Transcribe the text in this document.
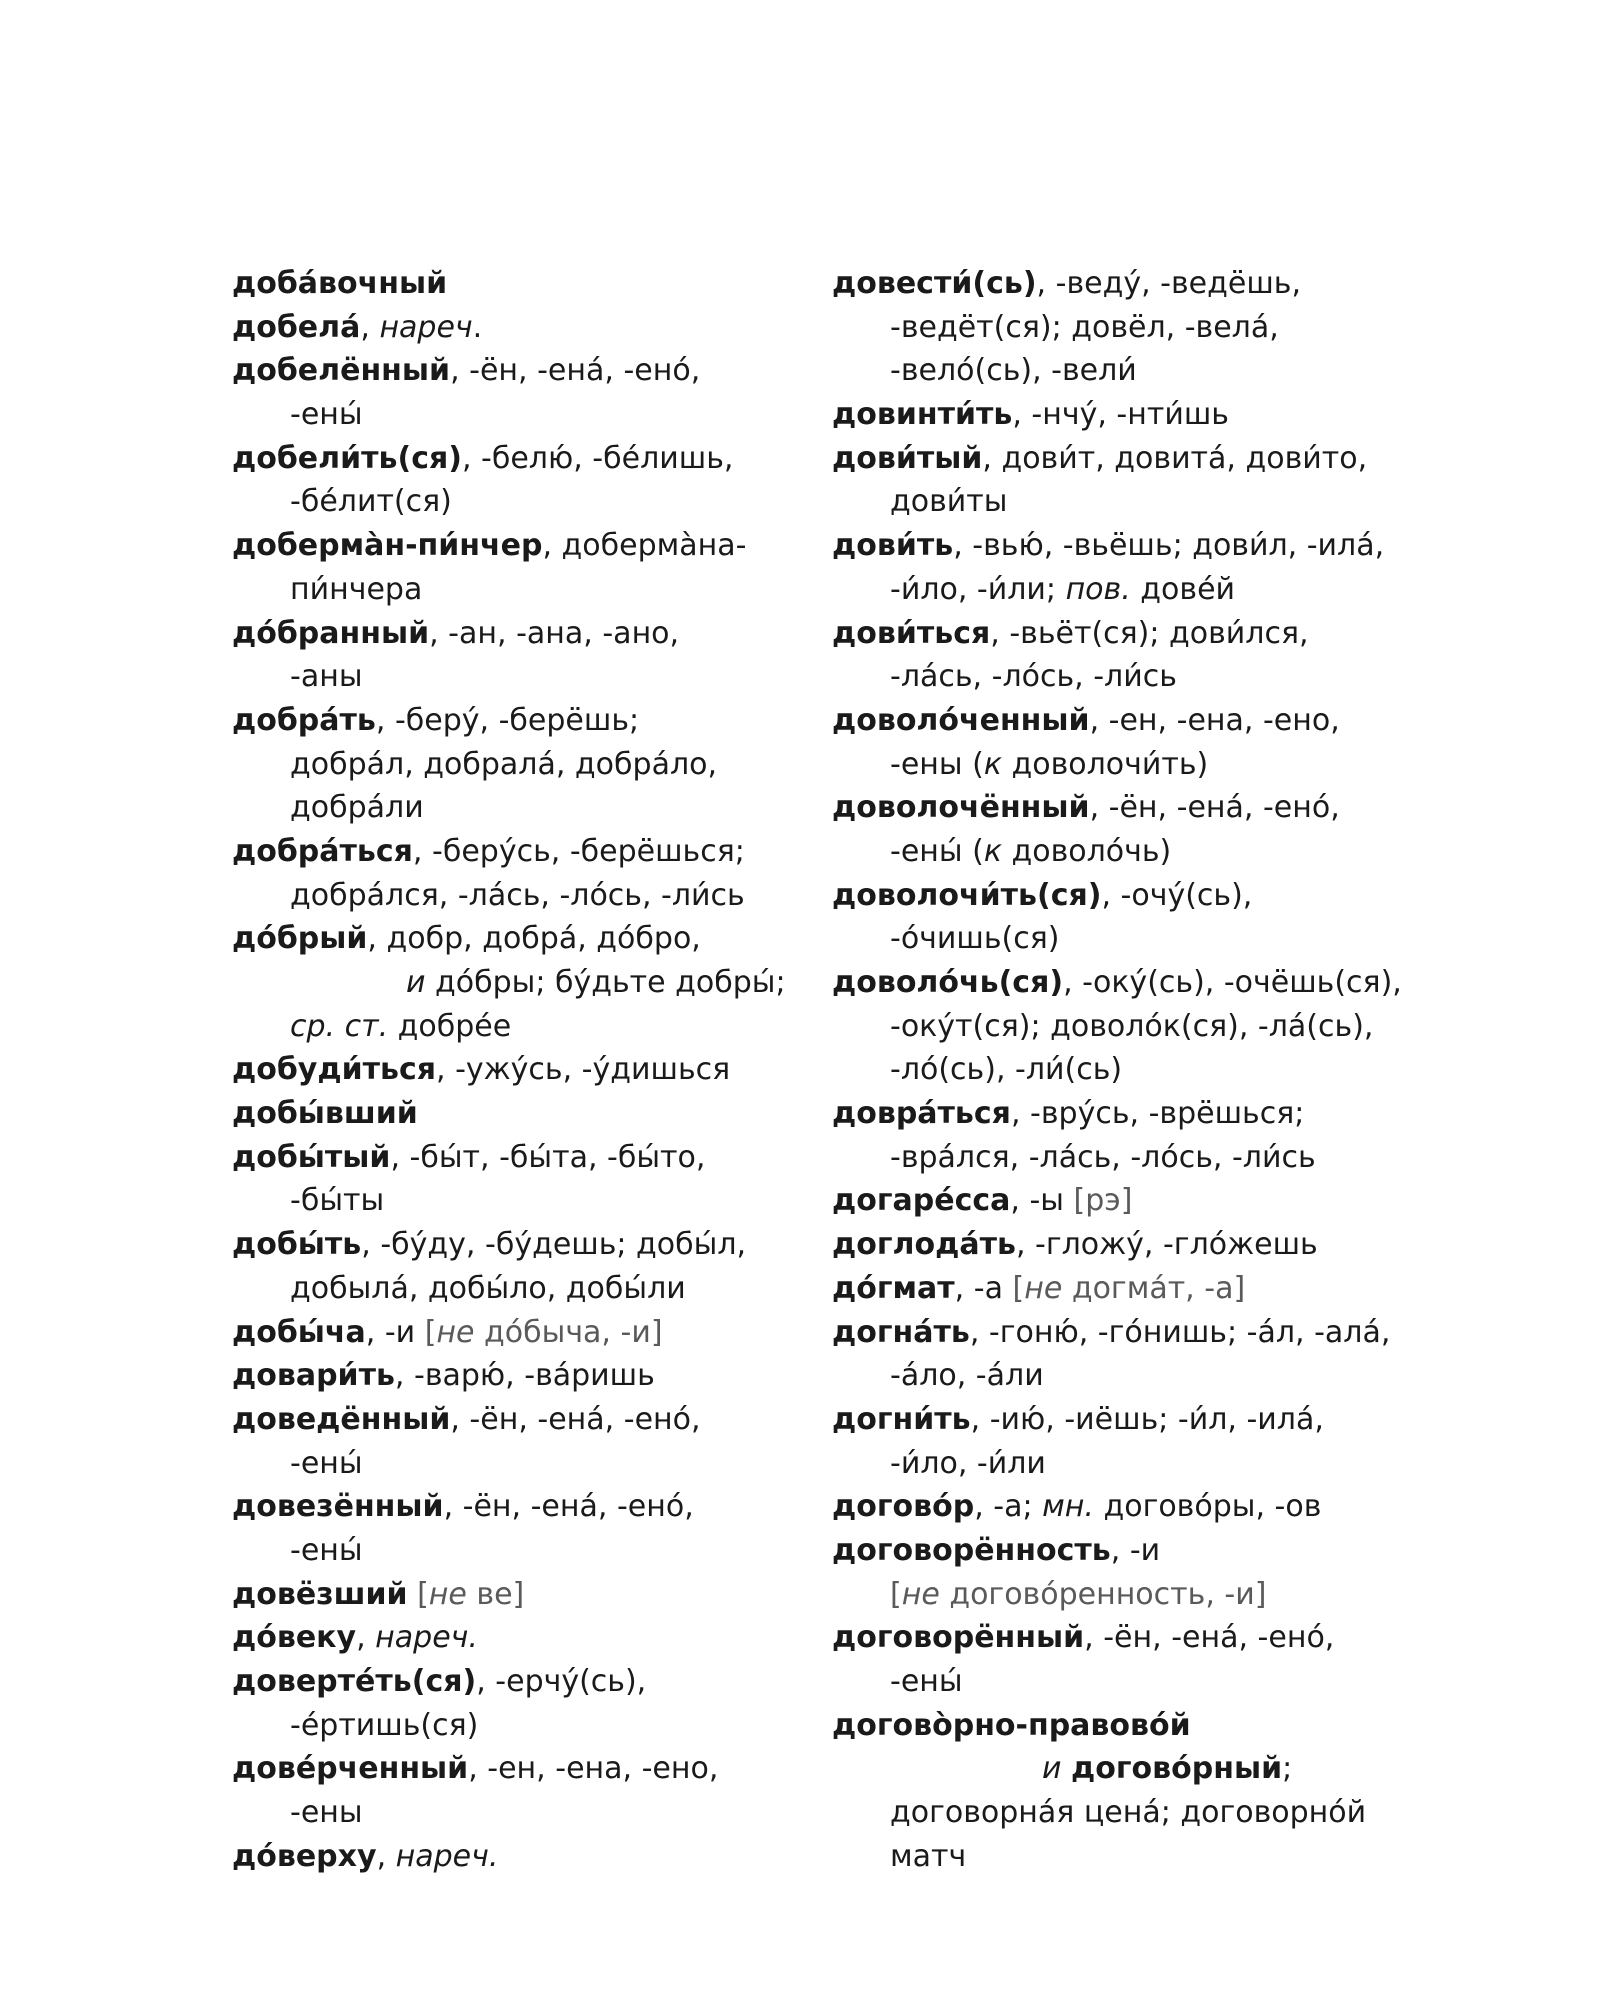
доба́вочный
добела́, нареч.
добелённый, -ён, -ена́, -ено́,
-ены́
добели́ть(ся), -белю́, -бе́лишь,
-бе́лит(ся)
доберма̀н-пи́нчер, доберма̀на-
пи́нчера
до́бранный, -ан, -ана, -ано,
-аны
добра́ть, -беру́, -берёшь;
добра́л, добрала́, добра́ло,
добра́ли
добра́ться, -беру́сь, -берёшься;
добра́лся, -ла́сь, -ло́сь, -ли́сь
до́брый, добр, добра́, до́бро,
и до́бры; бу́дьте добры́;
ср. ст. добре́е
добуди́ться, -ужу́сь, -у́дишься
добы́вший
добы́тый, -бы́т, -бы́та, -бы́то,
-бы́ты
добы́ть, -бу́ду, -бу́дешь; добы́л,
добыла́, добы́ло, добы́ли
добы́ча, -и [не до́быча, -и]
довари́ть, -варю́, -ва́ришь
доведённый, -ён, -ена́, -ено́,
-ены́
довезённый, -ён, -ена́, -ено́,
-ены́
довёзший [не ве]
до́веку, нареч.
доверте́ть(ся), -ерчу́(сь),
-е́ртишь(ся)
дове́рченный, -ен, -ена, -ено,
-ены
до́верху, нареч.
довести́(сь), -веду́, -ведёшь,
-ведёт(ся); довёл, -вела́,
-вело́(сь), -вели́
довинти́ть, -нчу́, -нти́шь
дови́тый, дови́т, довита́, дови́то,
дови́ты
дови́ть, -вью́, -вьёшь; дови́л, -ила́,
-и́ло, -и́ли; пов. дове́й
дови́ться, -вьёт(ся); дови́лся,
-ла́сь, -ло́сь, -ли́сь
доволо́ченный, -ен, -ена, -ено,
-ены (к доволочи́ть)
доволочённый, -ён, -ена́, -ено́,
-ены́ (к доволо́чь)
доволочи́ть(ся), -очу́(сь),
-о́чишь(ся)
доволо́чь(ся), -оку́(сь), -очёшь(ся),
-оку́т(ся); доволо́к(ся), -ла́(сь),
-ло́(сь), -ли́(сь)
довра́ться, -вру́сь, -врёшься;
-вра́лся, -ла́сь, -ло́сь, -ли́сь
догаре́сса, -ы [рэ]
доглода́ть, -гложу́, -гло́жешь
до́гмат, -а [не догма́т, -а]
догна́ть, -гоню́, -го́нишь; -а́л, -ала́,
-а́ло, -а́ли
догни́ть, -ию́, -иёшь; -и́л, -ила́,
-и́ло, -и́ли
догово́р, -а; мн. догово́ры, -ов
договорённость, -и
[не догово́ренность, -и]
договорённый, -ён, -ена́, -ено́,
-ены́
догово̀рно-правово́й
и догово́рный;
договорна́я цена́; договорно́й
матч
